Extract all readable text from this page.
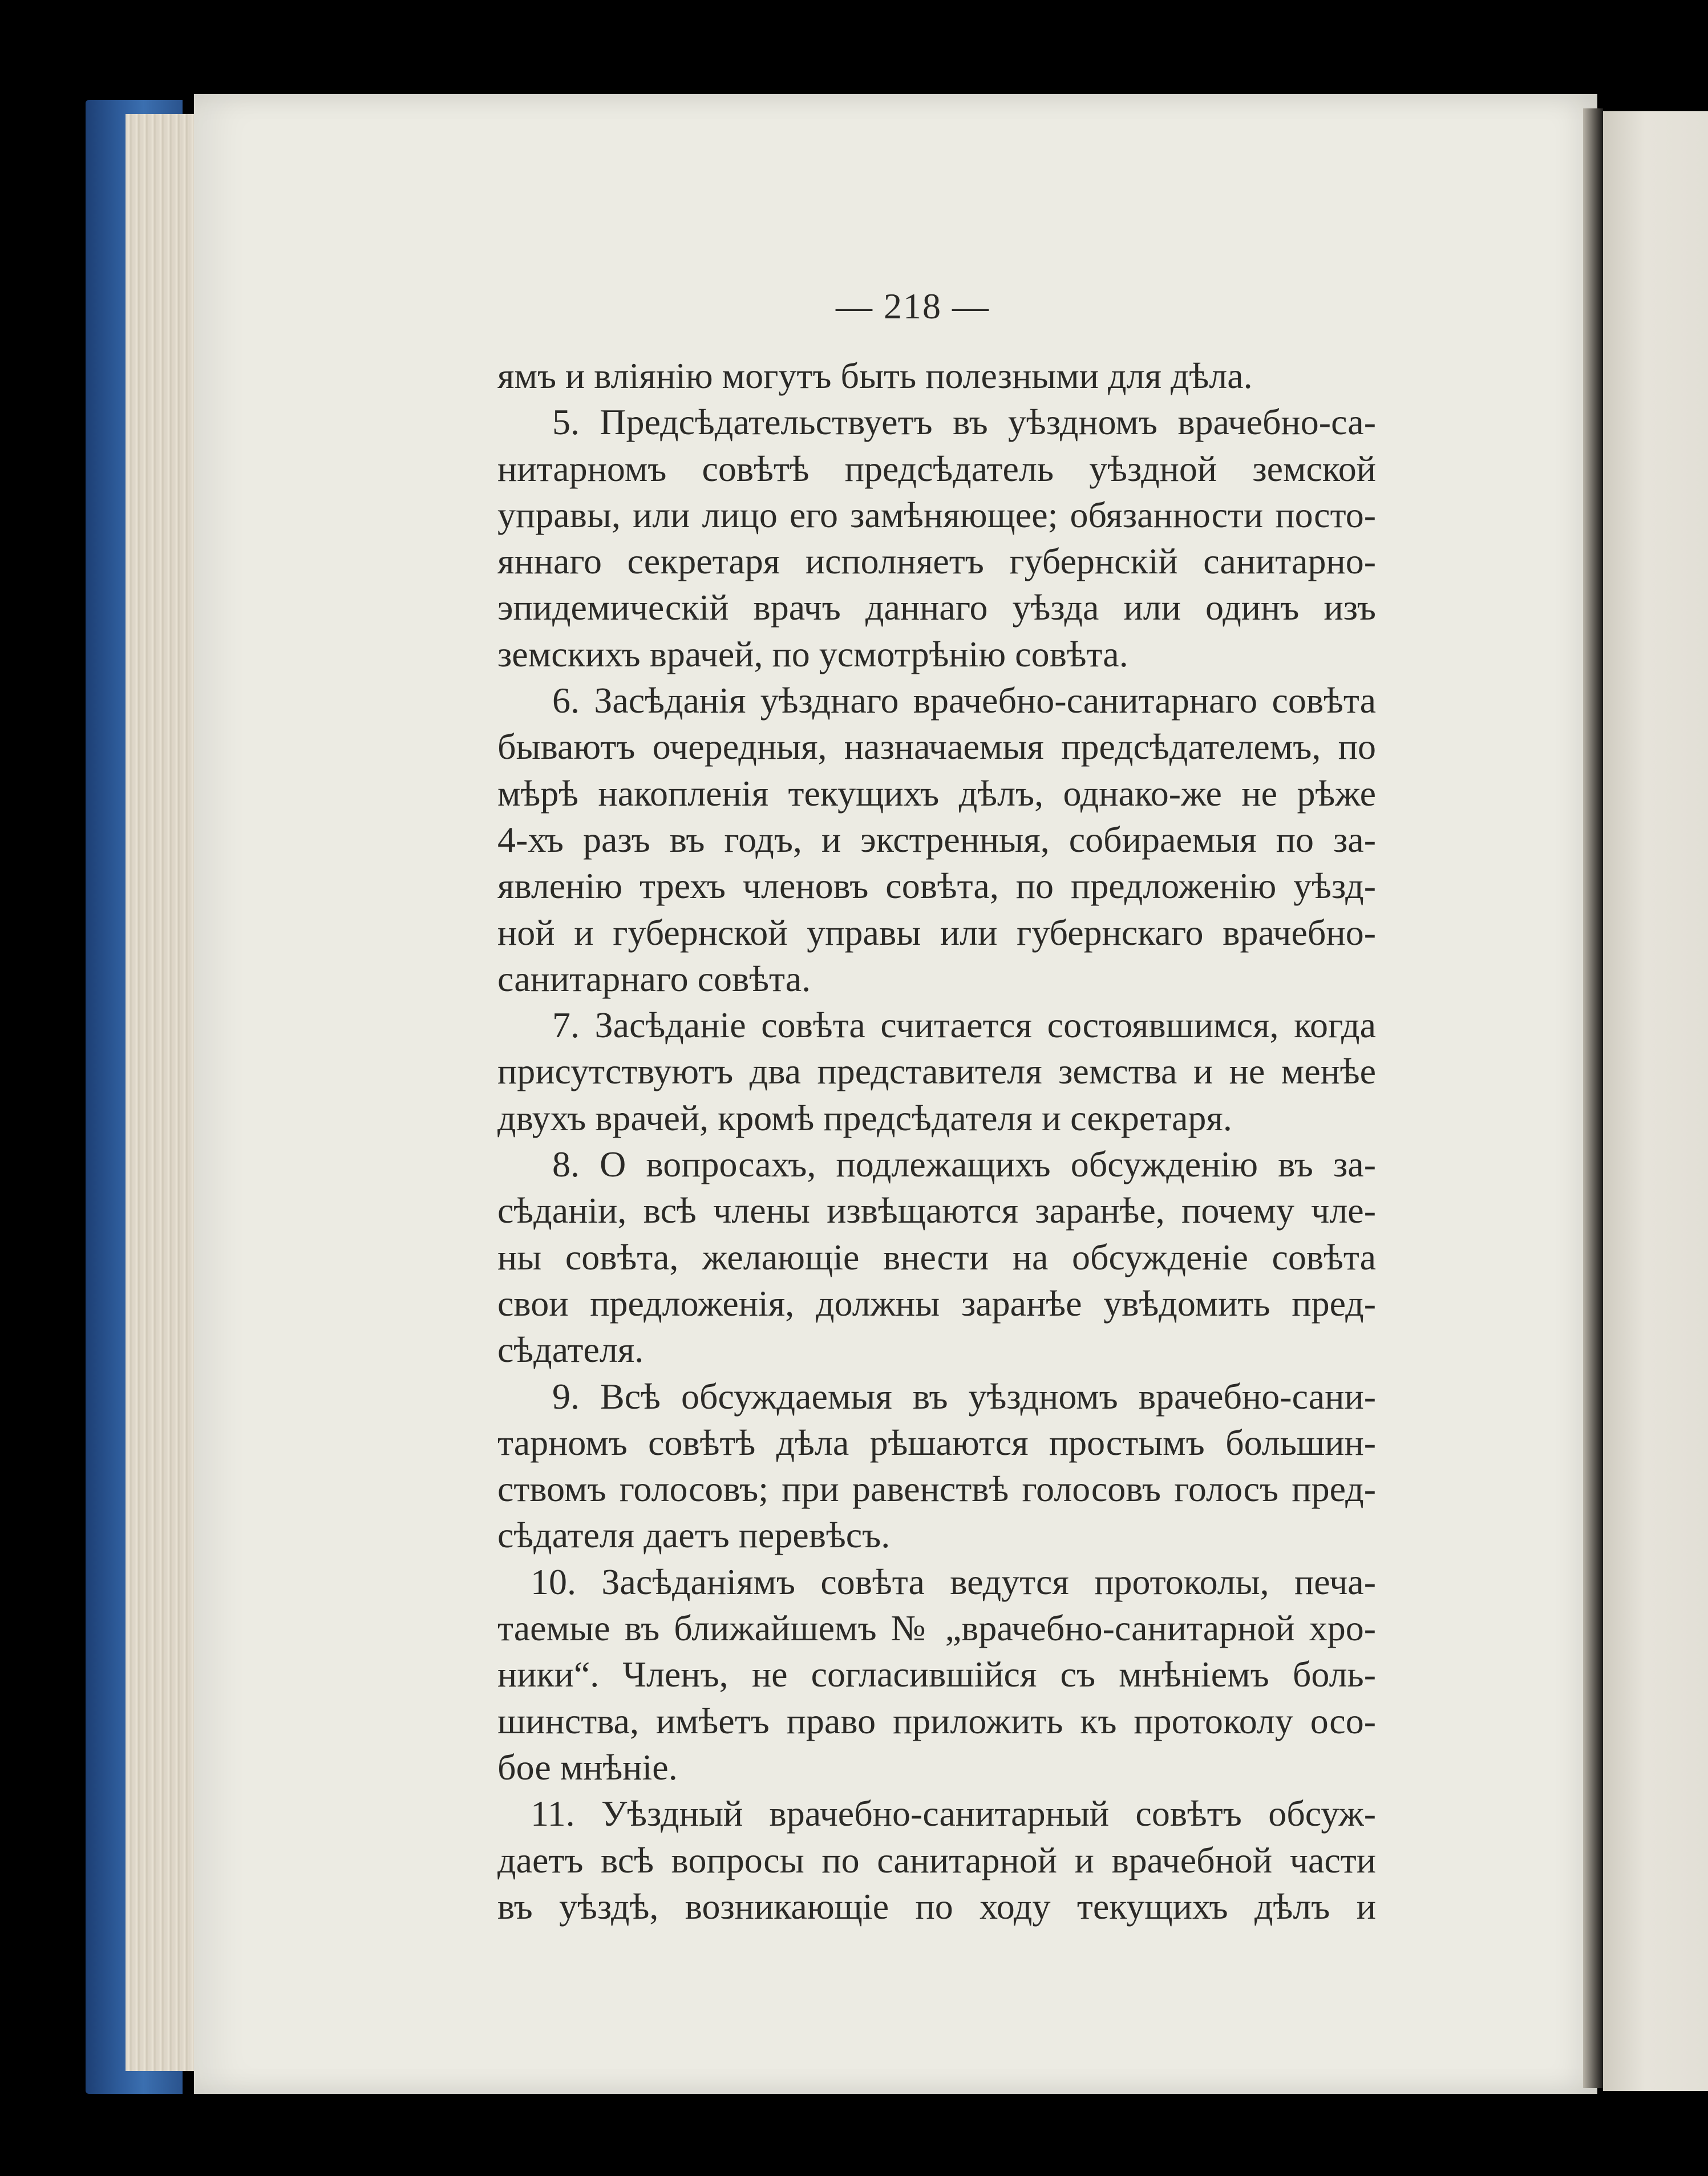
— 218 —
ямъ и вліянію могутъ быть полезными для дѣла.
5. Предсѣдательствуетъ въ уѣздномъ врачебно-са-
нитарномъ совѣтѣ предсѣдатель уѣздной земской
управы, или лицо его замѣняющее; обязанности посто-
яннаго секретаря исполняетъ губернскій санитарно-
эпидемическій врачъ даннаго уѣзда или одинъ изъ
земскихъ врачей, по усмотрѣнію совѣта.
6. Засѣданія уѣзднаго врачебно-санитарнаго совѣта
бываютъ очередныя, назначаемыя предсѣдателемъ, по
мѣрѣ накопленія текущихъ дѣлъ, однако-же не рѣже
4-хъ разъ въ годъ, и экстренныя, собираемыя по за-
явленію трехъ членовъ совѣта, по предложенію уѣзд-
ной и губернской управы или губернскаго врачебно-
санитарнаго совѣта.
7. Засѣданіе совѣта считается состоявшимся, когда
присутствуютъ два представителя земства и не менѣе
двухъ врачей, кромѣ предсѣдателя и секретаря.
8. О вопросахъ, подлежащихъ обсужденію въ за-
сѣданіи, всѣ члены извѣщаются заранѣе, почему чле-
ны совѣта, желающіе внести на обсужденіе совѣта
свои предложенія, должны заранѣе увѣдомить пред-
сѣдателя.
9. Всѣ обсуждаемыя въ уѣздномъ врачебно-сани-
тарномъ совѣтѣ дѣла рѣшаются простымъ большин-
ствомъ голосовъ; при равенствѣ голосовъ голосъ пред-
сѣдателя даетъ перевѣсъ.
10. Засѣданіямъ совѣта ведутся протоколы, печа-
таемые въ ближайшемъ № „врачебно-санитарной хро-
ники“. Членъ, не согласившійся съ мнѣніемъ боль-
шинства, имѣетъ право приложить къ протоколу осо-
бое мнѣніе.
11. Уѣздный врачебно-санитарный совѣтъ обсуж-
даетъ всѣ вопросы по санитарной и врачебной части
въ уѣздѣ, возникающіе по ходу текущихъ дѣлъ и
